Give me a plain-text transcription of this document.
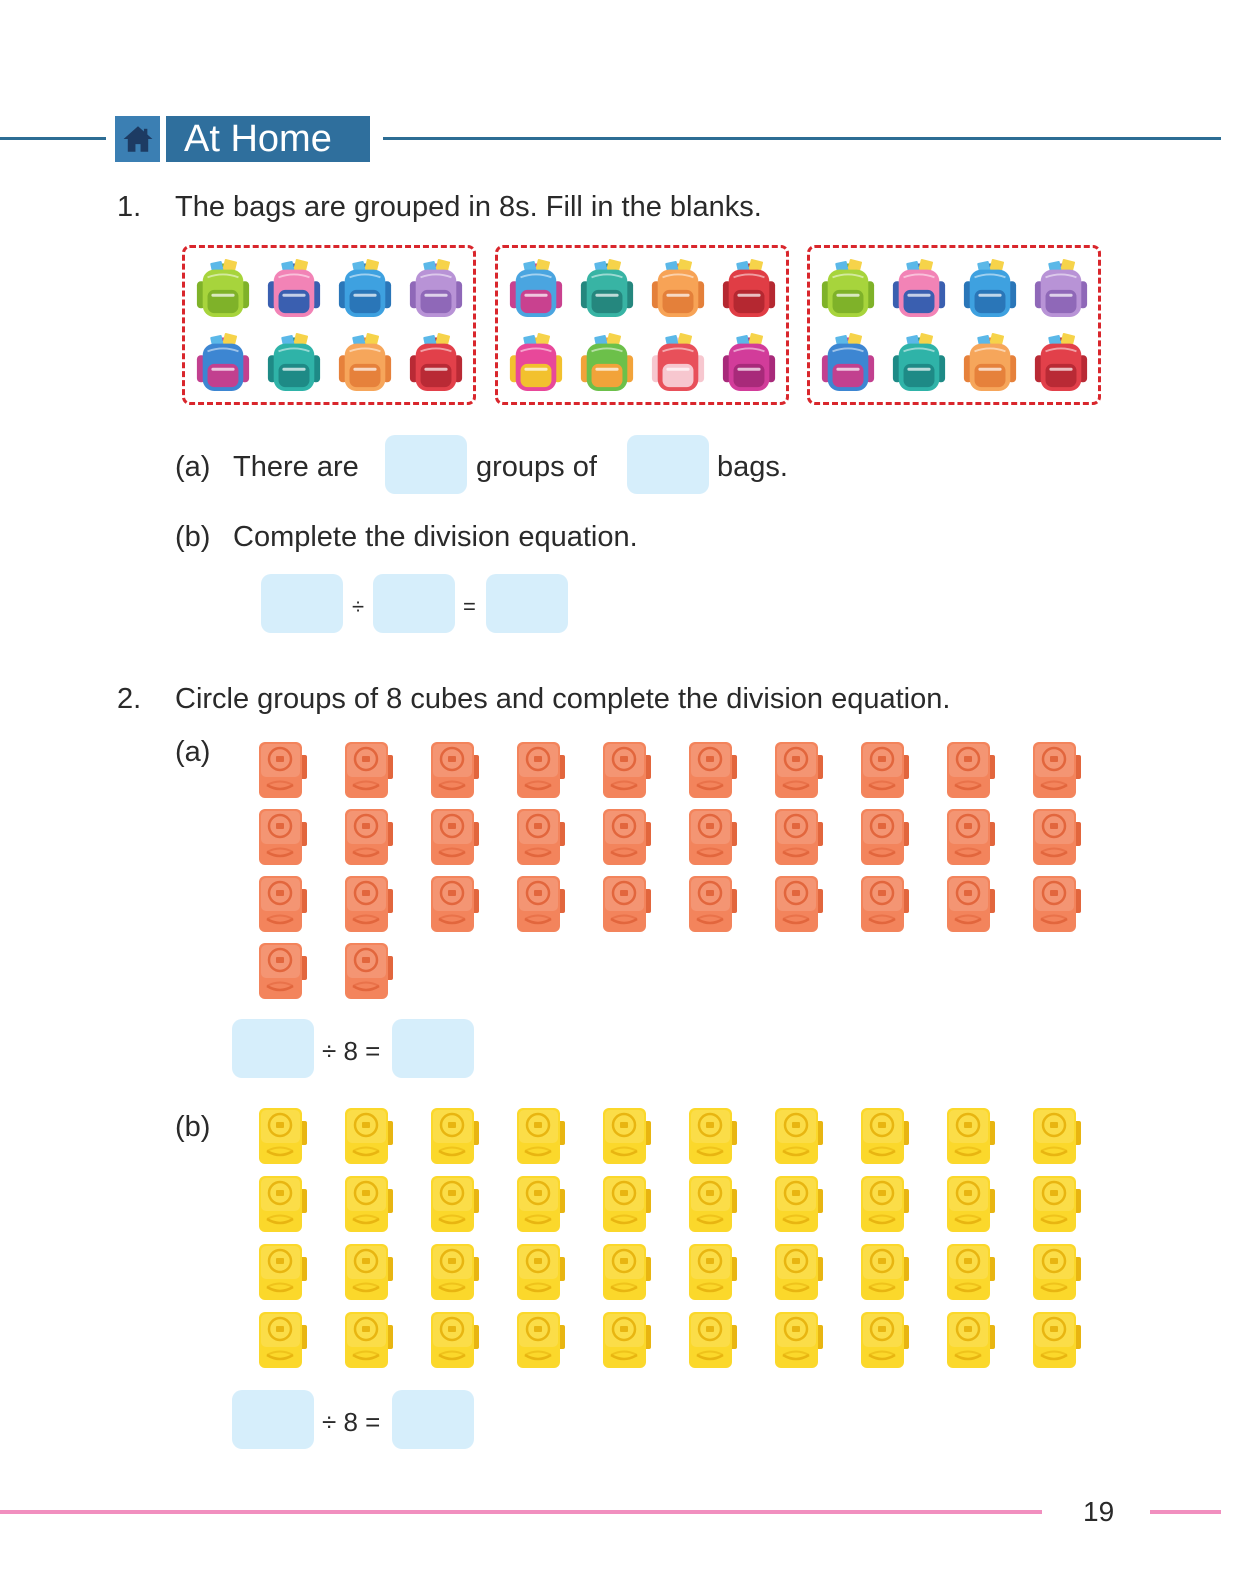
At Home
1. The bags are grouped in 8s. Fill in the blanks.
(a) There are	groups of	bags.
(b) Complete the division equation.
÷	=
2. Circle groups of 8 cubes and complete the division equation.
(a)
÷ 8 =
(b)
÷ 8 =
19
